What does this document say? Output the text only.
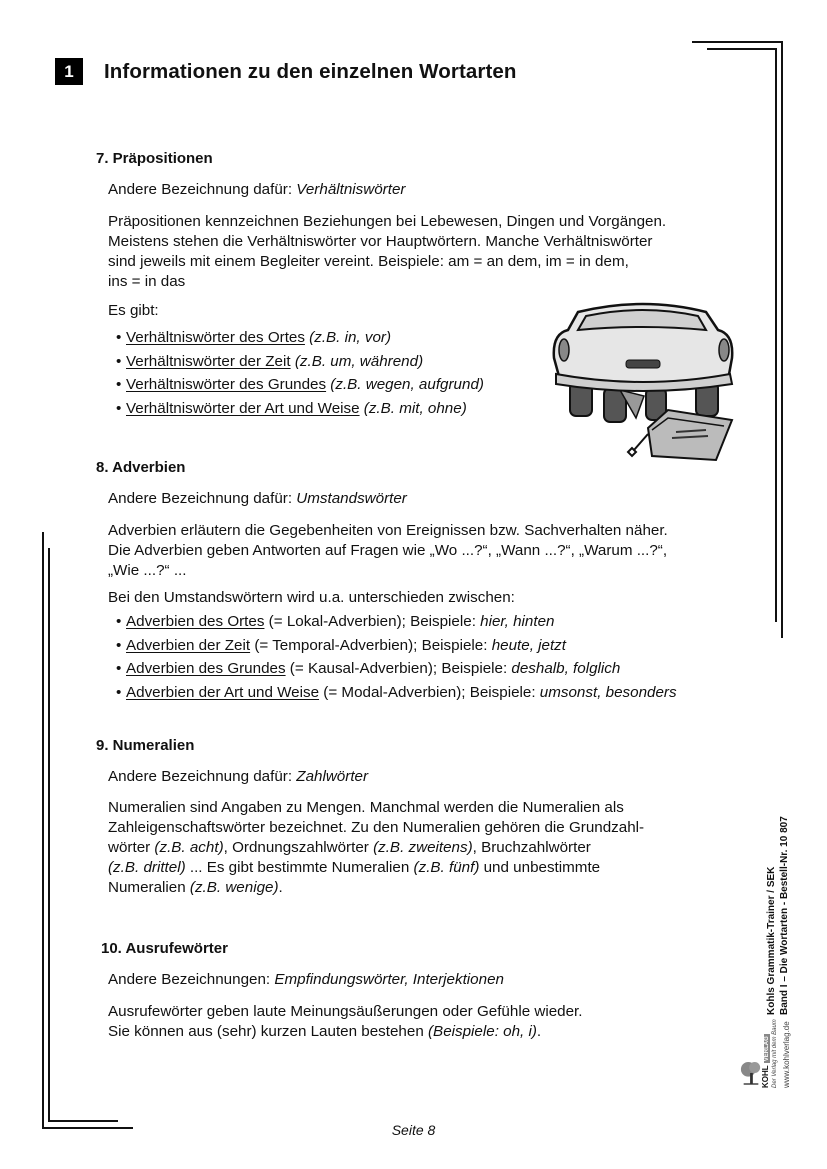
1	Informationen zu den einzelnen Wortarten
7. Präpositionen
Andere Bezeichnung dafür: Verhältniswörter
Präpositionen kennzeichnen Beziehungen bei Lebewesen, Dingen und Vorgängen.
Meistens stehen die Verhältniswörter vor Hauptwörtern. Manche Verhältniswörter
sind jeweils mit einem Begleiter vereint. Beispiele: am = an dem, im = in dem,
ins = in das
Es gibt:
• Verhältniswörter des Ortes (z.B. in, vor)
• Verhältniswörter der Zeit (z.B. um, während)
• Verhältniswörter des Grundes (z.B. wegen, aufgrund)
• Verhältniswörter der Art und Weise (z.B. mit, ohne)
8. Adverbien
Andere Bezeichnung dafür: Umstandswörter
Adverbien erläutern die Gegebenheiten von Ereignissen bzw. Sachverhalten näher.
Die Adverbien geben Antworten auf Fragen wie „Wo ...?“, „Wann ...?“, „Warum ...?“,
„Wie ...?“ ...
Bei den Umstandswörtern wird u.a. unterschieden zwischen:
• Adverbien des Ortes (= Lokal-Adverbien); Beispiele: hier, hinten
• Adverbien der Zeit (= Temporal-Adverbien); Beispiele: heute, jetzt
• Adverbien des Grundes (= Kausal-Adverbien); Beispiele: deshalb, folglich
• Adverbien der Art und Weise (= Modal-Adverbien); Beispiele: umsonst, besonders
9. Numeralien
Andere Bezeichnung dafür: Zahlwörter
Numeralien sind Angaben zu Mengen. Manchmal werden die Numeralien als
Zahleigenschaftswörter bezeichnet. Zu den Numeralien gehören die Grundzahl-
wörter (z.B. acht), Ordnungszahlwörter (z.B. zweitens), Bruchzahlwörter
(z.B. drittel) ... Es gibt bestimmte Numeralien (z.B. fünf) und unbestimmte
Numeralien (z.B. wenige).
10. Ausrufewörter
Andere Bezeichnungen: Empfindungswörter, Interjektionen
Ausrufewörter geben laute Meinungsäußerungen oder Gefühle wieder.
Sie können aus (sehr) kurzen Lauten bestehen (Beispiele: oh, i).
Kohls Grammatik-Trainer / SEK Band I – Die Wortarten - Bestell-Nr. 10 807
KOHL VERLAG Der Verlag mit dem Baum www.kohlverlag.de
Seite 8
